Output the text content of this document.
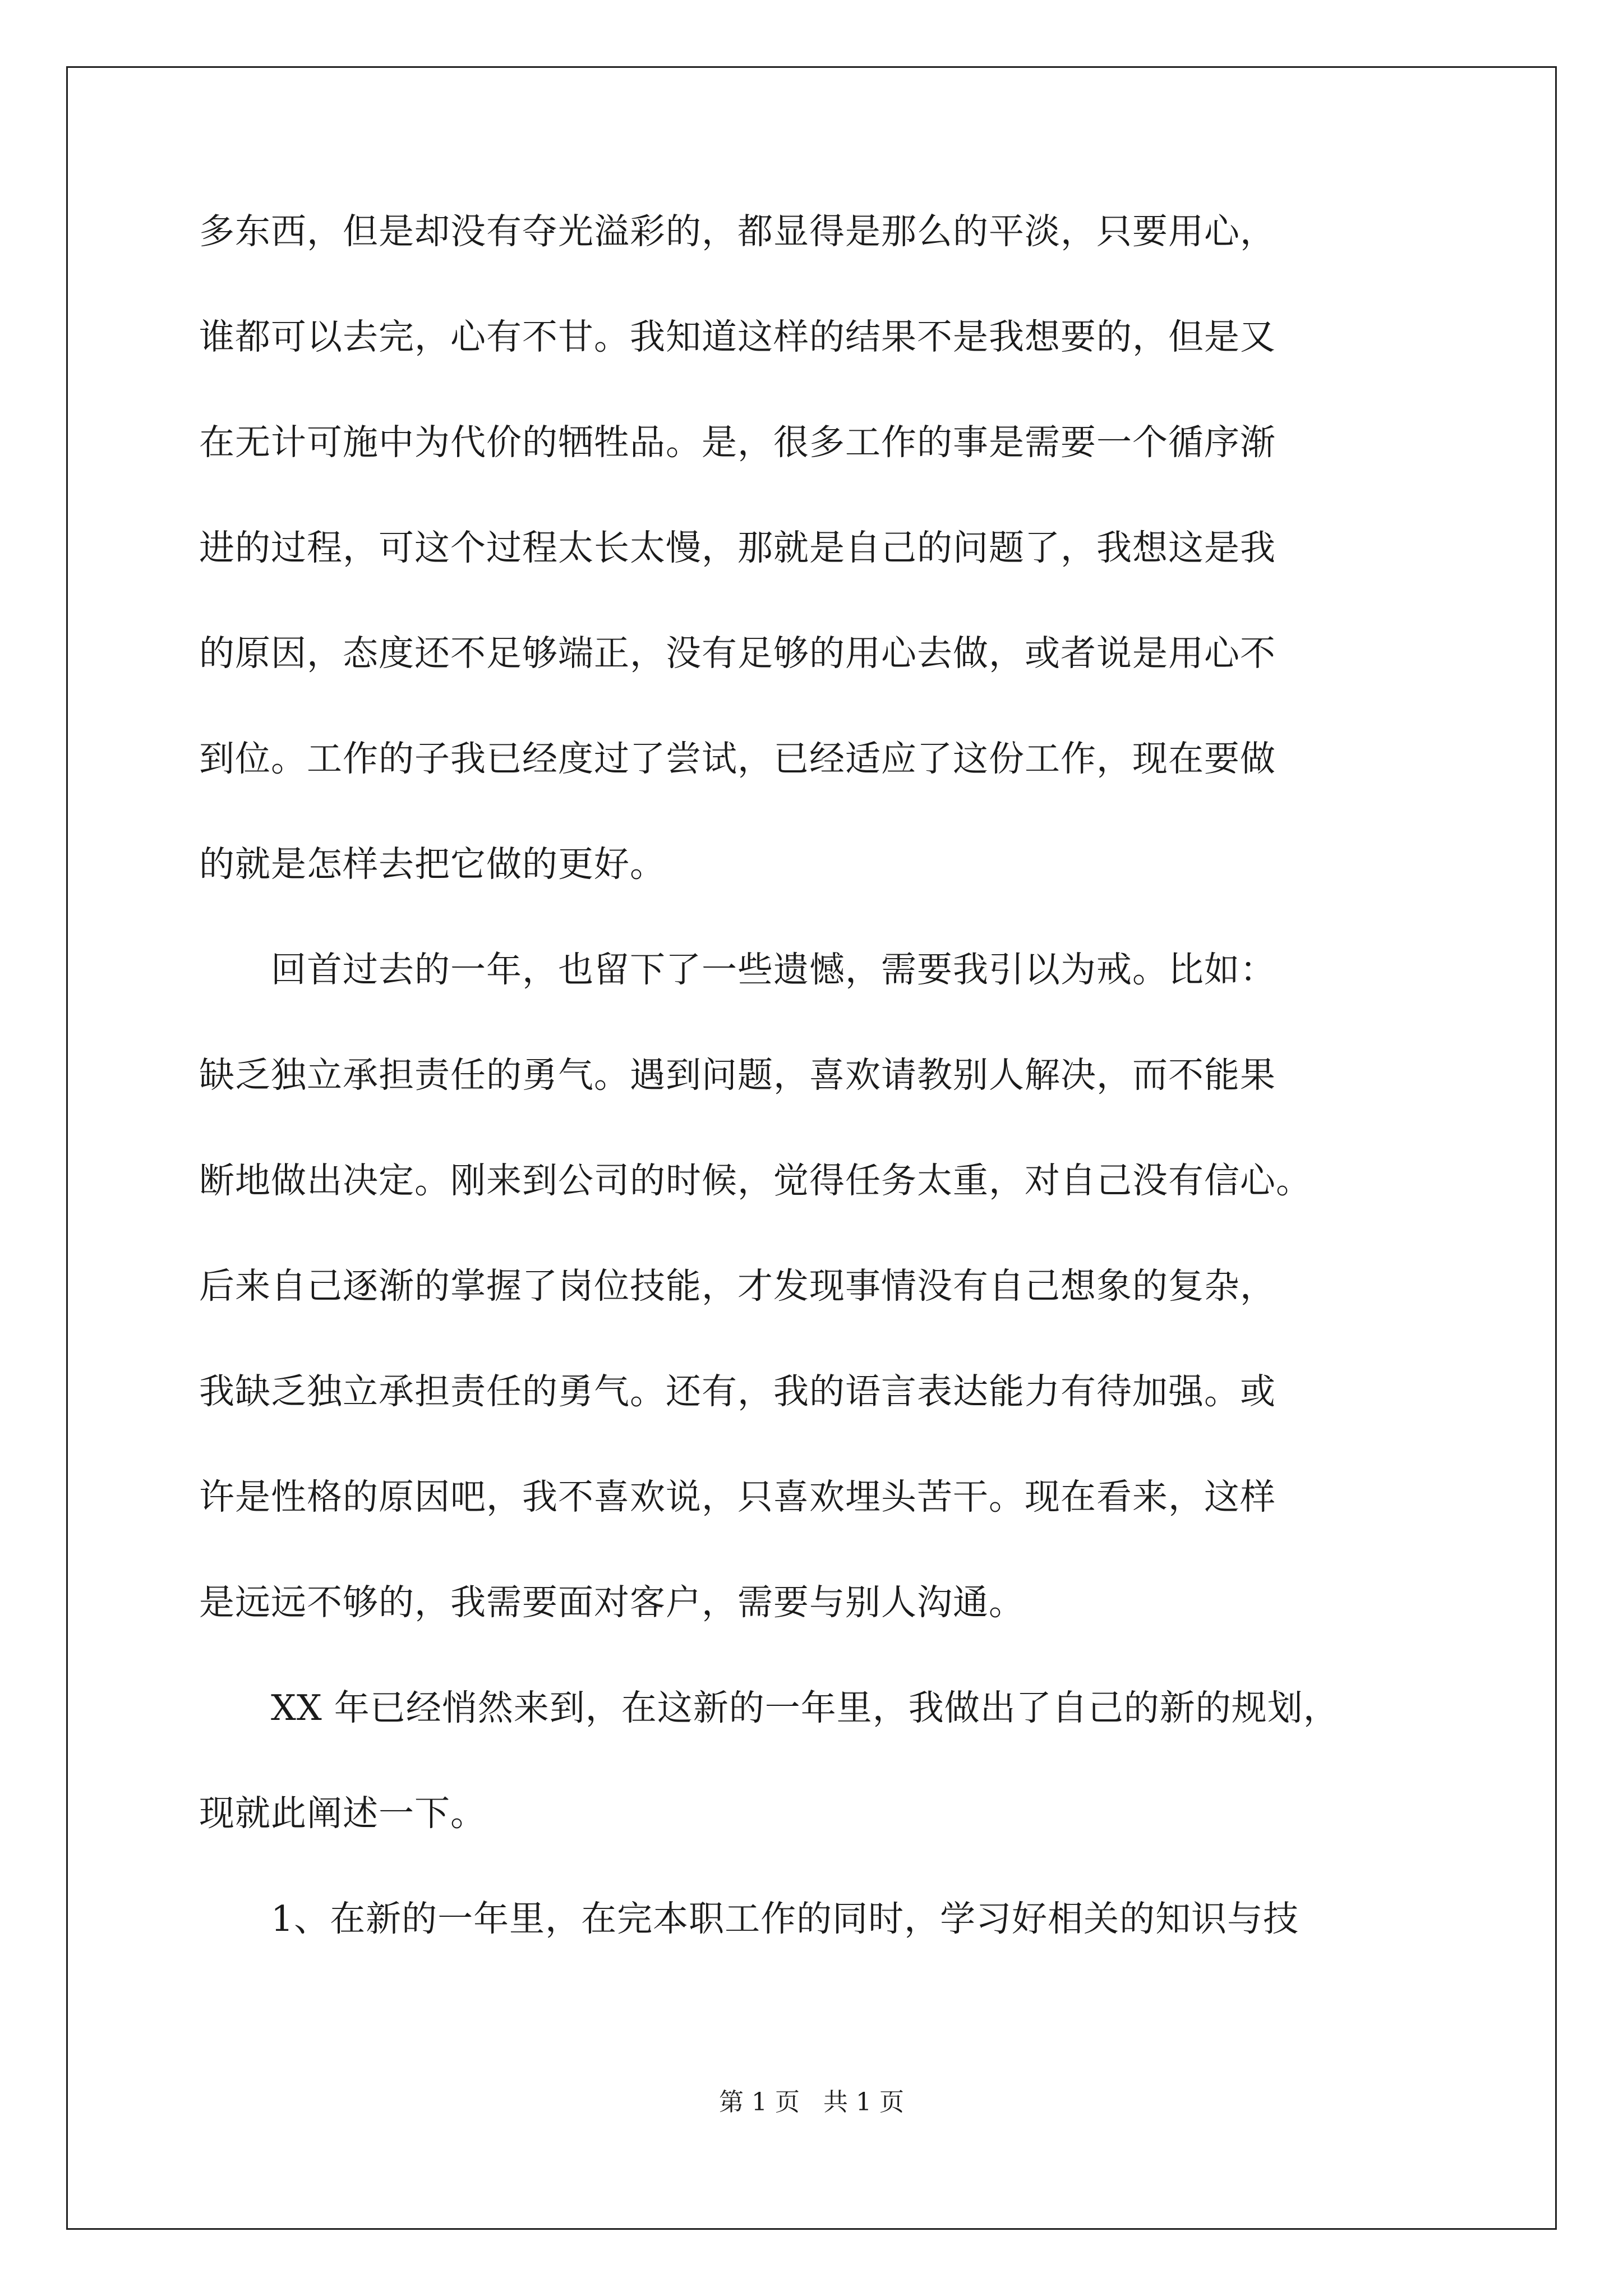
多东西，但是却没有夺光溢彩的，都显得是那么的平淡，只要用心，
谁都可以去完，心有不甘。我知道这样的结果不是我想要的，但是又
在无计可施中为代价的牺牲品。是，很多工作的事是需要一个循序渐
进的过程，可这个过程太长太慢，那就是自己的问题了，我想这是我
的原因，态度还不足够端正，没有足够的用心去做，或者说是用心不
到位。工作的子我已经度过了尝试，已经适应了这份工作，现在要做
的就是怎样去把它做的更好。
　　回首过去的一年，也留下了一些遗憾，需要我引以为戒。比如：
缺乏独立承担责任的勇气。遇到问题，喜欢请教别人解决，而不能果
断地做出决定。刚来到公司的时候，觉得任务太重，对自己没有信心。
后来自己逐渐的掌握了岗位技能，才发现事情没有自己想象的复杂，
我缺乏独立承担责任的勇气。还有，我的语言表达能力有待加强。或
许是性格的原因吧，我不喜欢说，只喜欢埋头苦干。现在看来，这样
是远远不够的，我需要面对客户，需要与别人沟通。
　　XX 年已经悄然来到，在这新的一年里，我做出了自己的新的规划，
现就此阐述一下。
　　1、在新的一年里，在完本职工作的同时，学习好相关的知识与技
第 1 页   共 1 页
